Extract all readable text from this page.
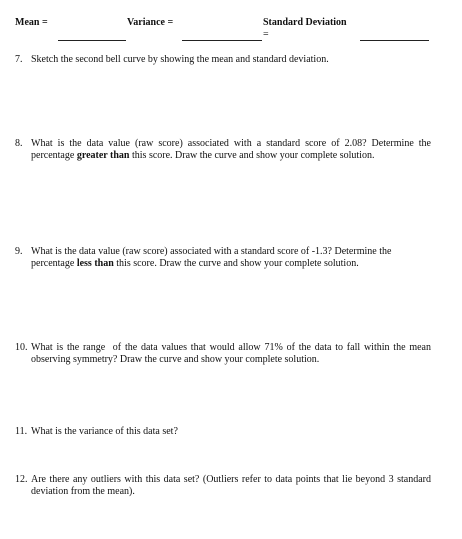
Mean =	Variance =	Standard Deviation
=
7. Sketch the second bell curve by showing the mean and standard deviation.
8. What is the data value (raw score) associated with a standard score of 2.08? Determine the percentage greater than this score. Draw the curve and show your complete solution.
9. What is the data value (raw score) associated with a standard score of -1.3? Determine the percentage less than this score. Draw the curve and show your complete solution.
10. What is the range  of the data values that would allow 71% of the data to fall within the mean observing symmetry? Draw the curve and show your complete solution.
11. What is the variance of this data set?
12. Are there any outliers with this data set? (Outliers refer to data points that lie beyond 3 standard deviation from the mean).
